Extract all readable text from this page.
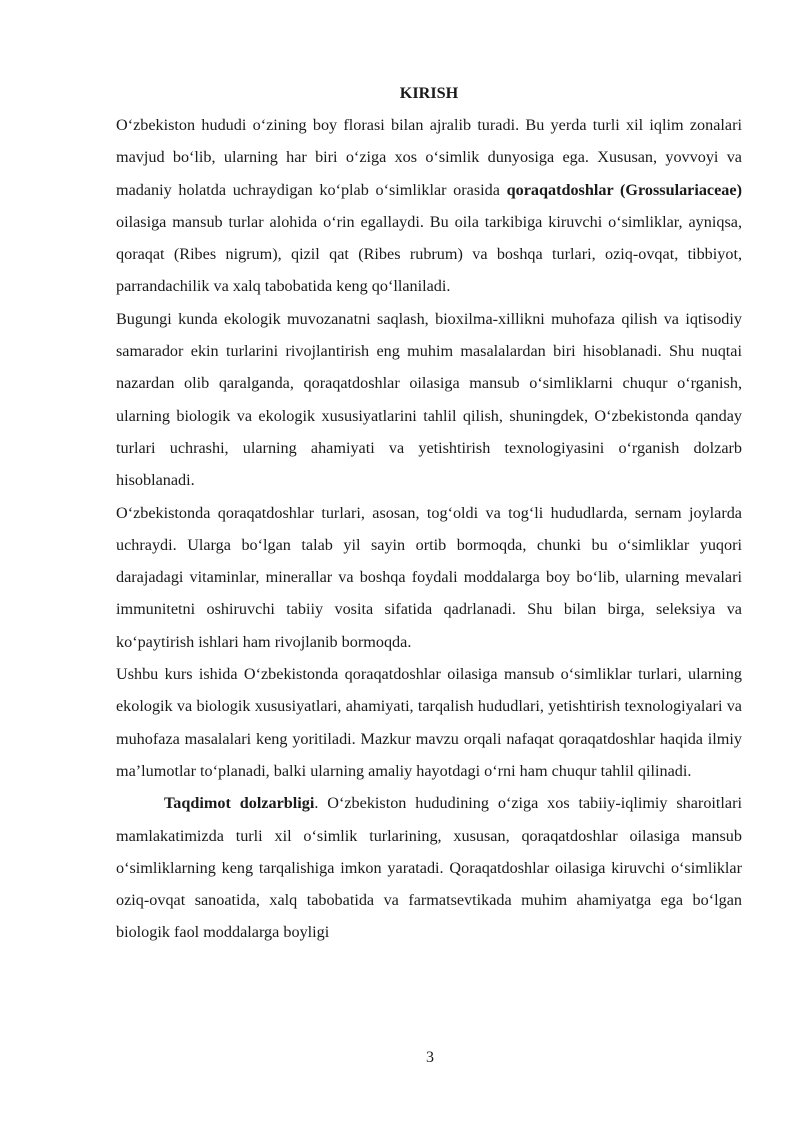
KIRISH

O‘zbekiston hududi o‘zining boy florasi bilan ajralib turadi. Bu yerda turli xil iqlim zonalari mavjud bo‘lib, ularning har biri o‘ziga xos o‘simlik dunyosiga ega. Xususan, yovvoyi va madaniy holatda uchraydigan ko‘plab o‘simliklar orasida qoraqatdoshlar (Grossulariaceae) oilasiga mansub turlar alohida o‘rin egallaydi. Bu oila tarkibiga kiruvchi o‘simliklar, ayniqsa, qoraqat (Ribes nigrum), qizil qat (Ribes rubrum) va boshqa turlari, oziq-ovqat, tibbiyot, parrandachilik va xalq tabobatida keng qo‘llaniladi.

Bugungi kunda ekologik muvozanatni saqlash, bioxilma-xillikni muhofaza qilish va iqtisodiy samarador ekin turlarini rivojlantirish eng muhim masalalardan biri hisoblanadi. Shu nuqtai nazardan olib qaralganda, qoraqatdoshlar oilasiga mansub o‘simliklarni chuqur o‘rganish, ularning biologik va ekologik xususiyatlarini tahlil qilish, shuningdek, O‘zbekistonda qanday turlari uchrashi, ularning ahamiyati va yetishtirish texnologiyasini o‘rganish dolzarb hisoblanadi.

O‘zbekistonda qoraqatdoshlar turlari, asosan, tog‘oldi va tog‘li hududlarda, sernam joylarda uchraydi. Ularga bo‘lgan talab yil sayin ortib bormoqda, chunki bu o‘simliklar yuqori darajadagi vitaminlar, minerallar va boshqa foydali moddalarga boy bo‘lib, ularning mevalari immunitetni oshiruvchi tabiiy vosita sifatida qadrlanadi. Shu bilan birga, seleksiya va ko‘paytirish ishlari ham rivojlanib bormoqda.

Ushbu kurs ishida O‘zbekistonda qoraqatdoshlar oilasiga mansub o‘simliklar turlari, ularning ekologik va biologik xususiyatlari, ahamiyati, tarqalish hududlari, yetishtirish texnologiyalari va muhofaza masalalari keng yoritiladi. Mazkur mavzu orqali nafaqat qoraqatdoshlar haqida ilmiy ma’lumotlar to‘planadi, balki ularning amaliy hayotdagi o‘rni ham chuqur tahlil qilinadi.

Taqdimot dolzarbligi. O‘zbekiston hududining o‘ziga xos tabiiy-iqlimiy sharoitlari mamlakatimizda turli xil o‘simlik turlarining, xususan, qoraqatdoshlar oilasiga mansub o‘simliklarning keng tarqalishiga imkon yaratadi. Qoraqatdoshlar oilasiga kiruvchi o‘simliklar oziq-ovqat sanoatida, xalq tabobatida va farmatsevtikada muhim ahamiyatga ega bo‘lgan biologik faol moddalarga boyligi

3
